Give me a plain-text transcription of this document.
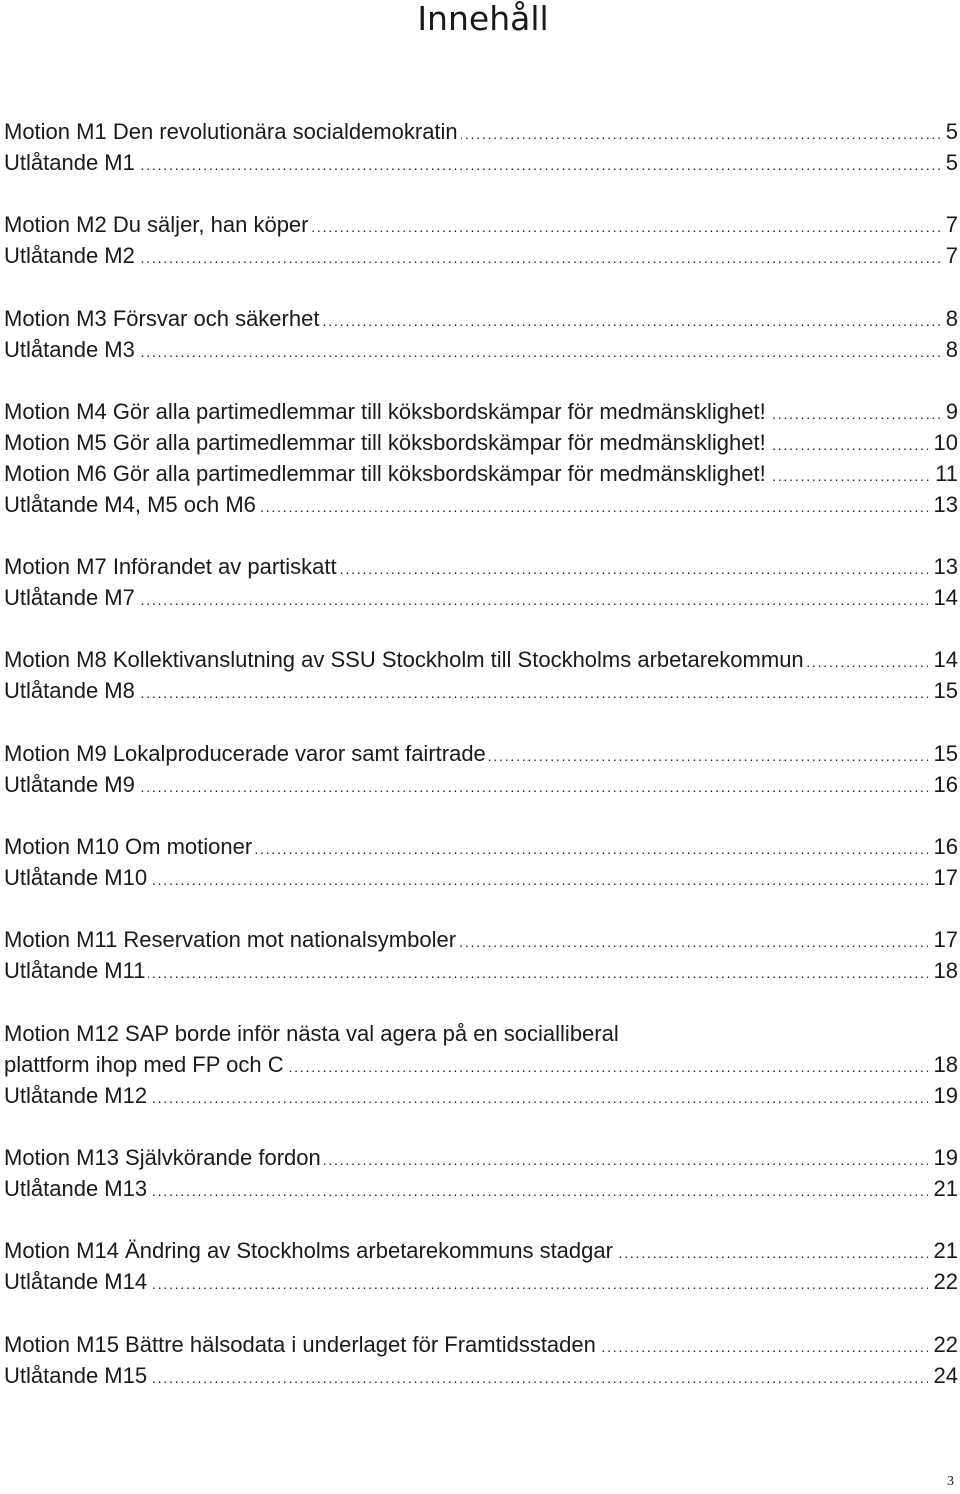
Innehåll
.....
Motion M1 Den revolutionära socialdemokratin	5
.....
Utlåtande M1	5
.....
Motion M2 Du säljer, han köper	7
.....
Utlåtande M2	7
.....
Motion M3 Försvar och säkerhet	8
.....
Utlåtande M3	8
.....
Motion M4 Gör alla partimedlemmar till köksbordskämpar för medmänsklighet!	9
.....
Motion M5 Gör alla partimedlemmar till köksbordskämpar för medmänsklighet!	10
.....
Motion M6 Gör alla partimedlemmar till köksbordskämpar för medmänsklighet!	11
.....
Utlåtande M4, M5 och M6	13
.....
Motion M7 Införandet av partiskatt	13
.....
Utlåtande M7	14
.....
Motion M8 Kollektivanslutning av SSU Stockholm till Stockholms arbetarekommun	14
.....
Utlåtande M8	15
.....
Motion M9 Lokalproducerade varor samt fairtrade	15
.....
Utlåtande M9	16
.....
Motion M10 Om motioner	16
.....
Utlåtande M10	17
.....
Motion M11 Reservation mot nationalsymboler	17
.....
Utlåtande M11	18
Motion M12 SAP borde inför nästa val agera på en socialliberal
.....
plattform ihop med FP och C	18
.....
Utlåtande M12	19
.....
Motion M13 Självkörande fordon	19
.....
Utlåtande M13	21
.....
Motion M14 Ändring av Stockholms arbetarekommuns stadgar	21
.....
Utlåtande M14	22
.....
Motion M15 Bättre hälsodata i underlaget för Framtidsstaden	22
.....
Utlåtande M15	24
3
